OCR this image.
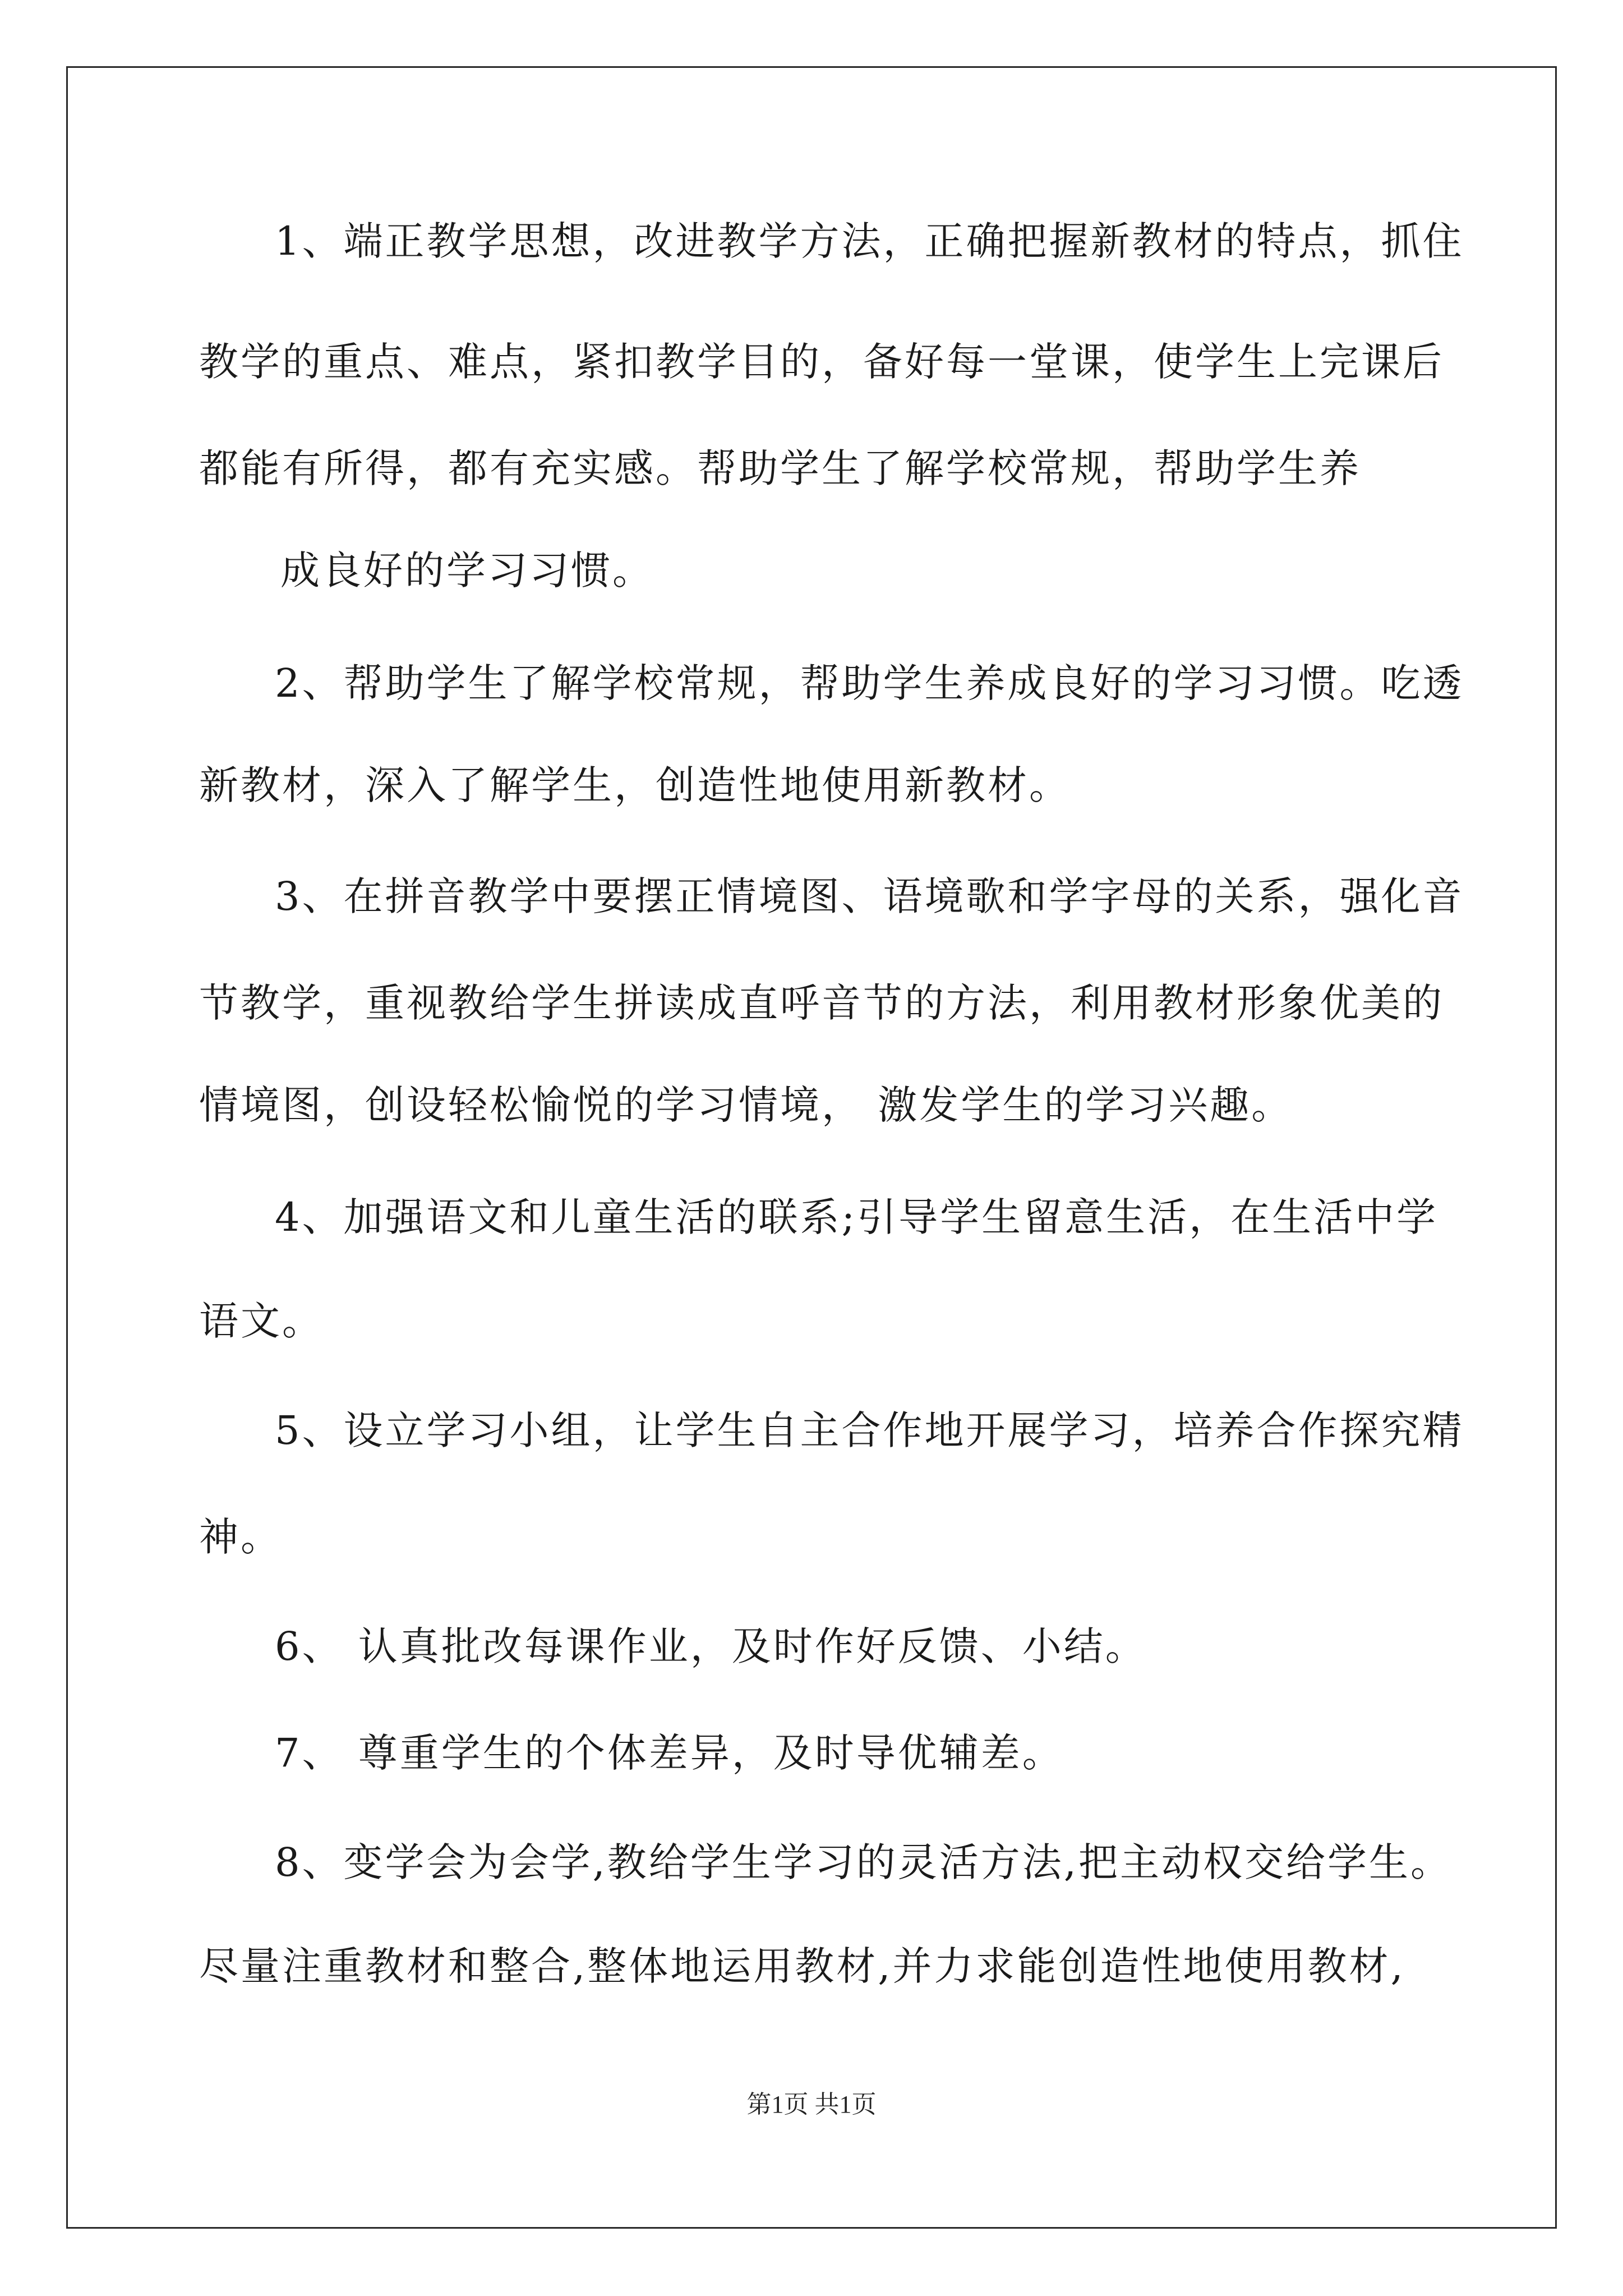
1、端正教学思想，改进教学方法，正确把握新教材的特点，抓住
教学的重点、难点，紧扣教学目的，备好每一堂课，使学生上完课后
都能有所得，都有充实感。帮助学生了解学校常规，帮助学生养
成良好的学习习惯。
2、帮助学生了解学校常规，帮助学生养成良好的学习习惯。吃透
新教材，深入了解学生，创造性地使用新教材。
3、在拼音教学中要摆正情境图、语境歌和学字母的关系，强化音
节教学，重视教给学生拼读成直呼音节的方法，利用教材形象优美的
情境图，创设轻松愉悦的学习情境， 激发学生的学习兴趣。
4、加强语文和儿童生活的联系;引导学生留意生活，在生活中学
语文。
5、设立学习小组，让学生自主合作地开展学习，培养合作探究精
神。
6、 认真批改每课作业，及时作好反馈、小结。
7、 尊重学生的个体差异，及时导优辅差。
8、变学会为会学,教给学生学习的灵活方法,把主动权交给学生。
尽量注重教材和整合,整体地运用教材,并力求能创造性地使用教材,
第1页 共1页
